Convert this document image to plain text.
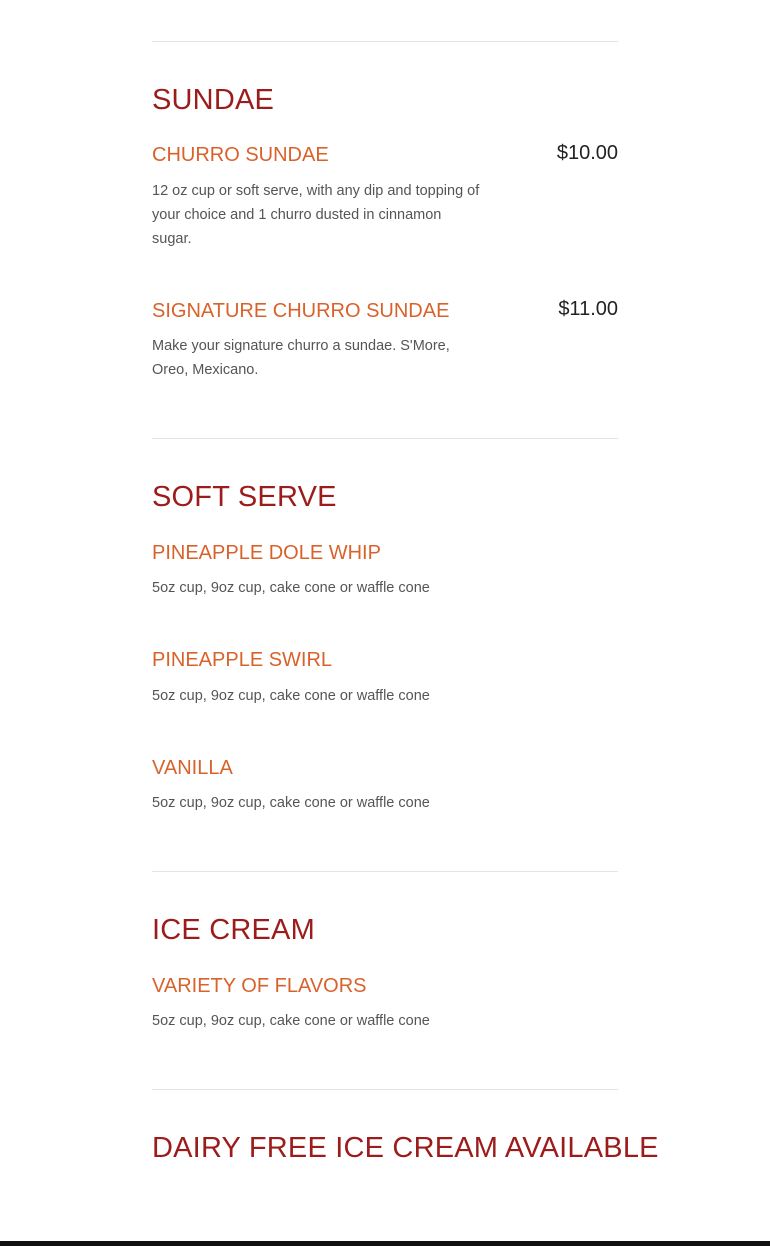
SUNDAE
CHURRO SUNDAE	$10.00

12 oz cup or soft serve, with any dip and topping of your choice and 1 churro dusted in cinnamon sugar.

SIGNATURE CHURRO SUNDAE	$11.00

Make your signature churro a sundae. S'More, Oreo, Mexicano.

SOFT SERVE
PINEAPPLE DOLE WHIP

5oz cup, 9oz cup, cake cone or waffle cone

PINEAPPLE SWIRL

5oz cup, 9oz cup, cake cone or waffle cone

VANILLA

5oz cup, 9oz cup, cake cone or waffle cone

ICE CREAM
VARIETY OF FLAVORS

5oz cup, 9oz cup, cake cone or waffle cone

DAIRY FREE ICE CREAM AVAILABLE
